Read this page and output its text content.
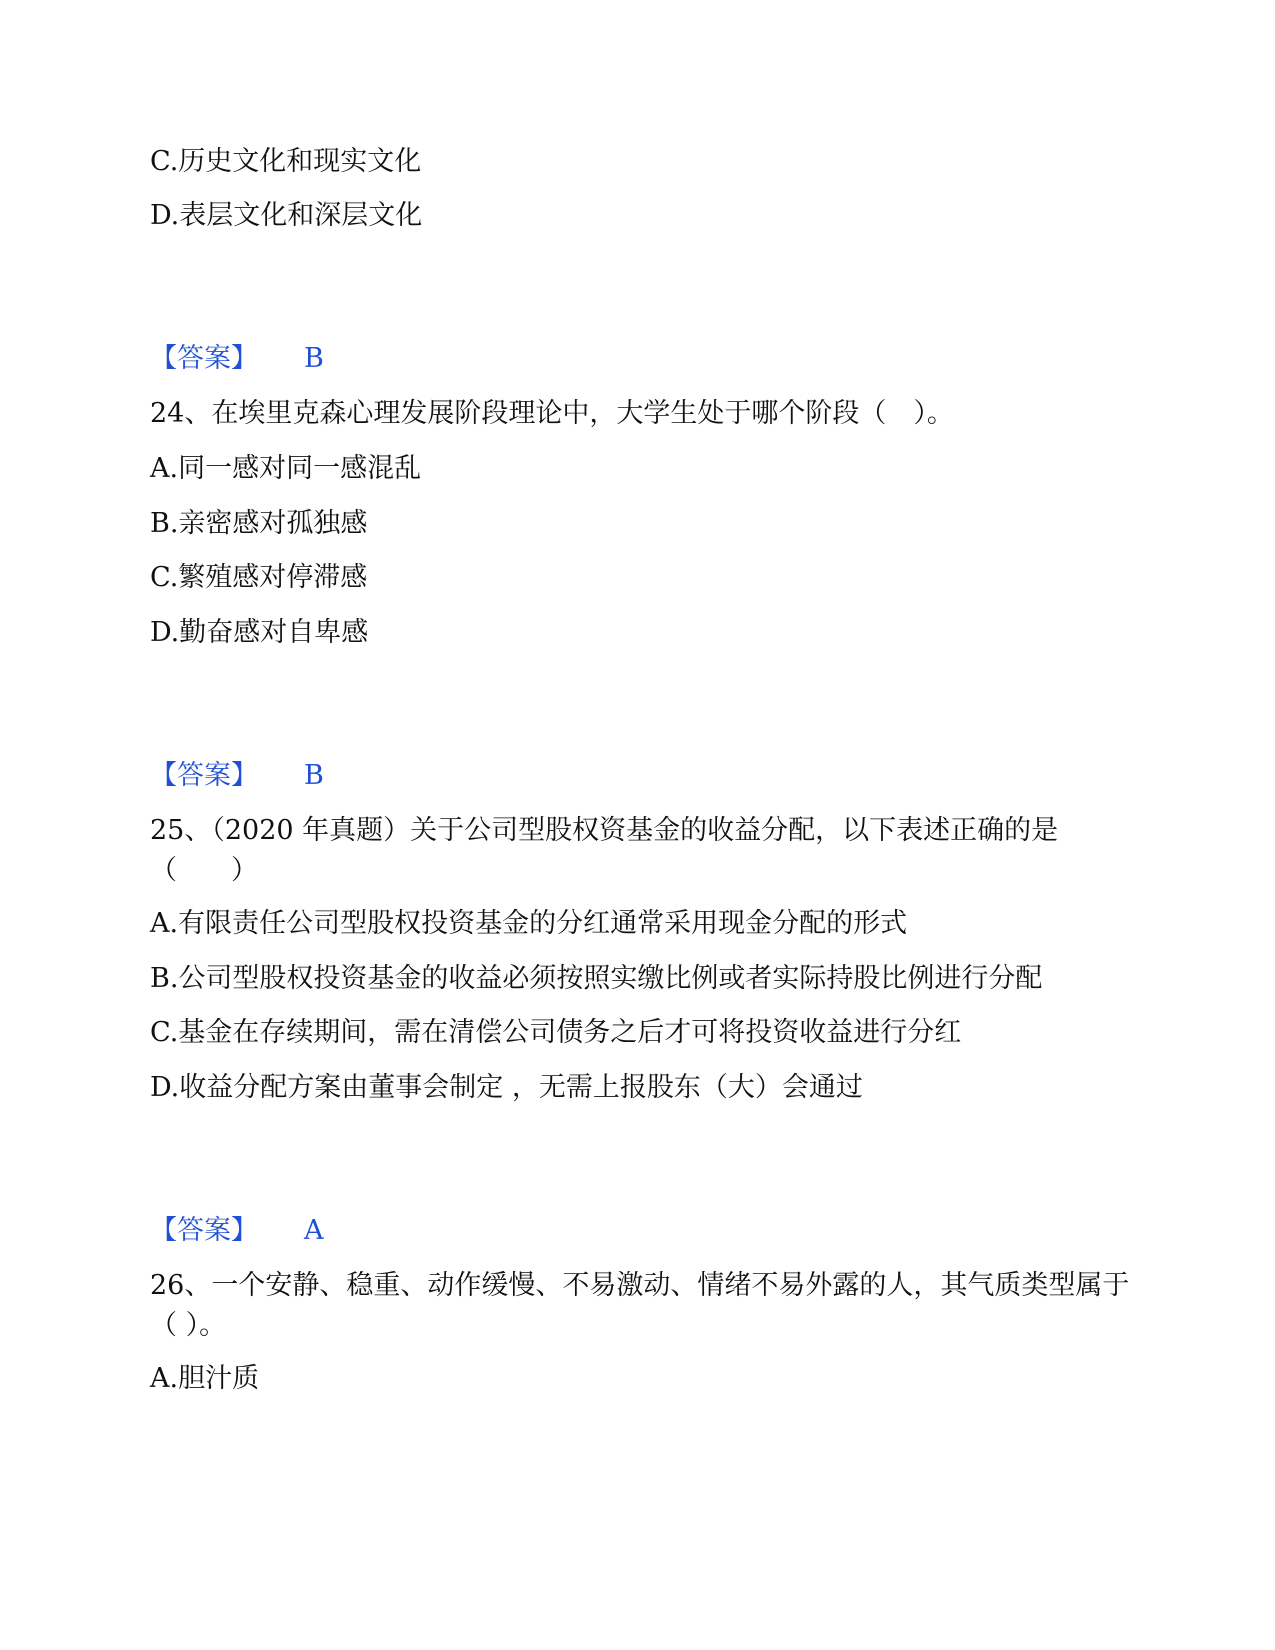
C.历史文化和现实文化
D.表层文化和深层文化
【答案】 B
24、在埃里克森心理发展阶段理论中，大学生处于哪个阶段（　）。
A.同一感对同一感混乱
B.亲密感对孤独感
C.繁殖感对停滞感
D.勤奋感对自卑感
【答案】 B
25、（2020 年真题）关于公司型股权资基金的收益分配，以下表述正确的是（　　）
A.有限责任公司型股权投资基金的分红通常采用现金分配的形式
B.公司型股权投资基金的收益必须按照实缴比例或者实际持股比例进行分配
C.基金在存续期间，需在清偿公司债务之后才可将投资收益进行分红
D.收益分配方案由董事会制定 ，无需上报股东（大）会通过
【答案】 A
26、一个安静、稳重、动作缓慢、不易激动、情绪不易外露的人，其气质类型属于（ ）。
A.胆汁质
